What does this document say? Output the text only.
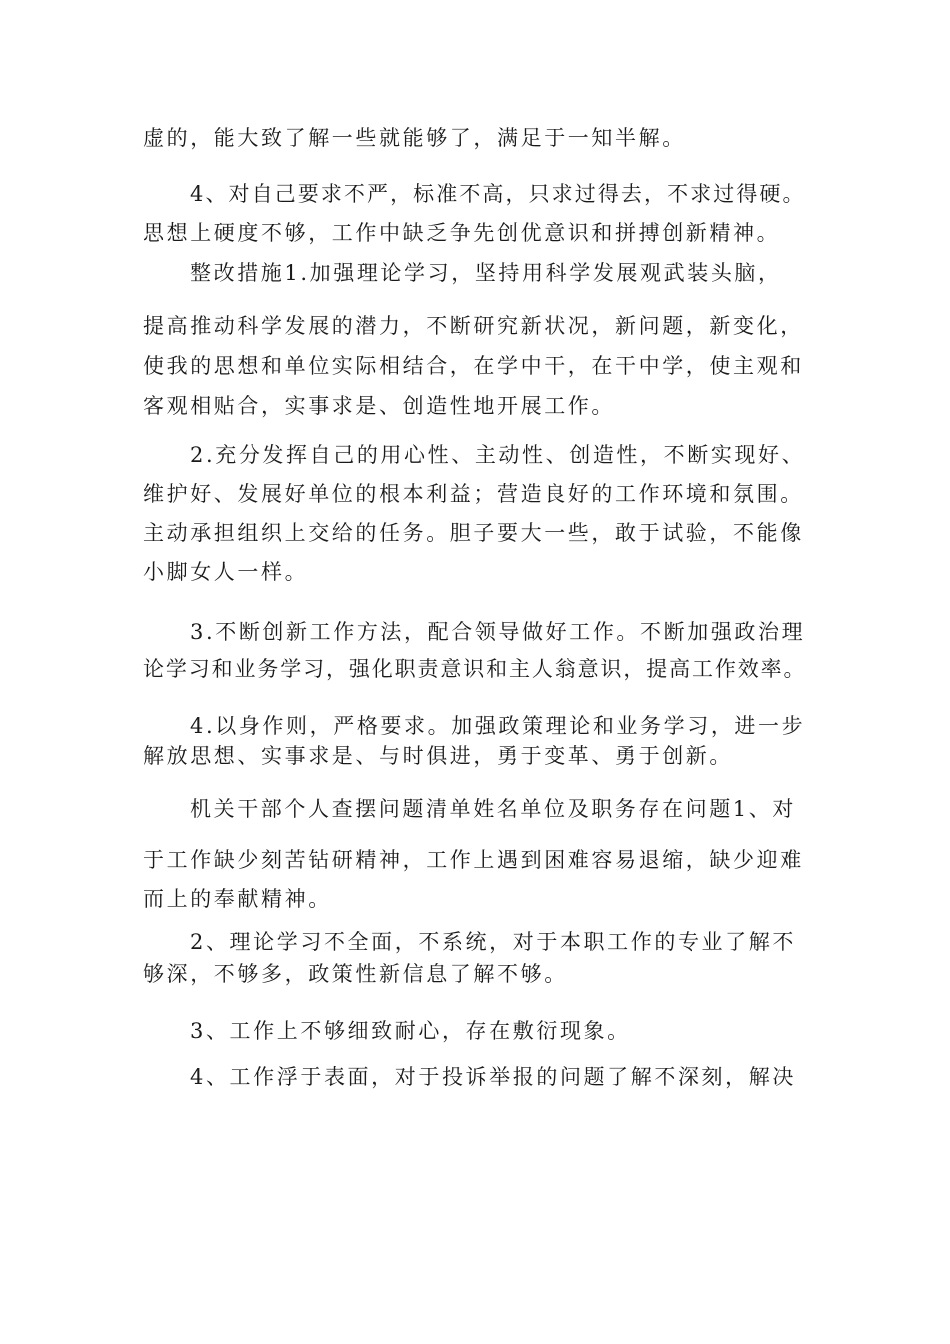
虚的，能大致了解一些就能够了，满足于一知半解。
4、对自己要求不严，标准不高，只求过得去，不求过得硬。
思想上硬度不够，工作中缺乏争先创优意识和拼搏创新精神。
整改措施1.加强理论学习，坚持用科学发展观武装头脑，
提高推动科学发展的潜力，不断研究新状况，新问题，新变化，
使我的思想和单位实际相结合，在学中干，在干中学，使主观和
客观相贴合，实事求是、创造性地开展工作。
2.充分发挥自己的用心性、主动性、创造性，不断实现好、
维护好、发展好单位的根本利益；营造良好的工作环境和氛围。
主动承担组织上交给的任务。胆子要大一些，敢于试验，不能像
小脚女人一样。
3.不断创新工作方法，配合领导做好工作。不断加强政治理
论学习和业务学习，强化职责意识和主人翁意识，提高工作效率。
4.以身作则，严格要求。加强政策理论和业务学习，进一步
解放思想、实事求是、与时俱进，勇于变革、勇于创新。
机关干部个人查摆问题清单姓名单位及职务存在问题1、对
于工作缺少刻苦钻研精神，工作上遇到困难容易退缩，缺少迎难
而上的奉献精神。
2、理论学习不全面，不系统，对于本职工作的专业了解不
够深，不够多，政策性新信息了解不够。
3、工作上不够细致耐心，存在敷衍现象。
4、工作浮于表面，对于投诉举报的问题了解不深刻，解决
